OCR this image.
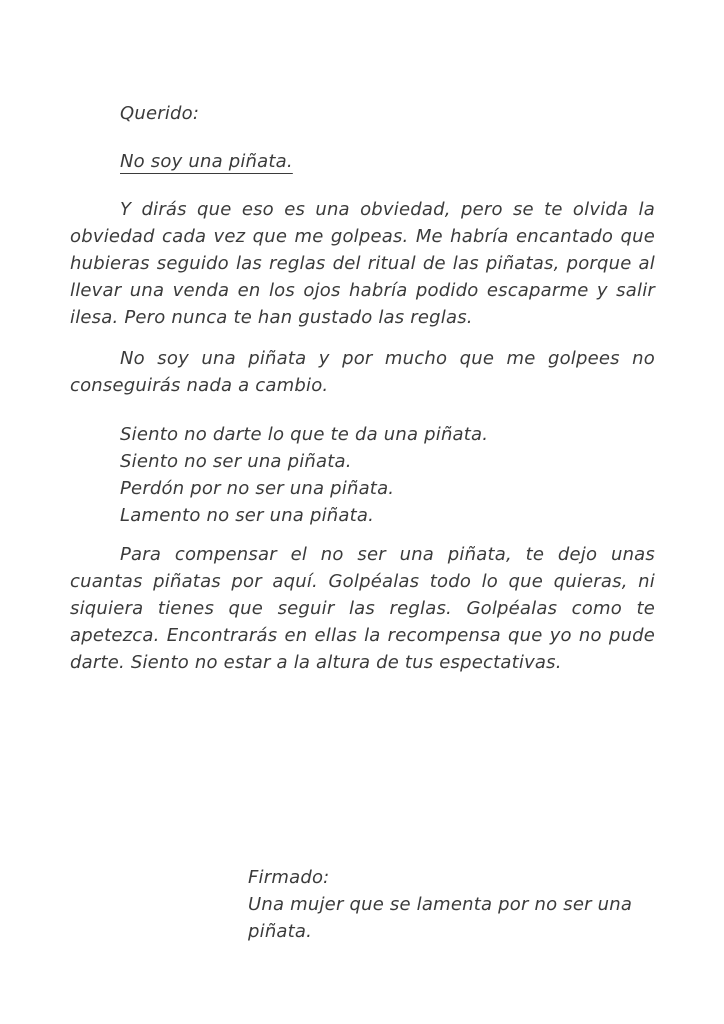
Querido:

No soy una piñata.

Y dirás que eso es una obviedad, pero se te olvida la obviedad cada vez que me golpeas. Me habría encantado que hubieras seguido las reglas del ritual de las piñatas, porque al llevar una venda en los ojos habría podido escaparme y salir ilesa. Pero nunca te han gustado las reglas.

No soy una piñata y por mucho que me golpees no conseguirás nada a cambio.

Siento no darte lo que te da una piñata.

Siento no ser una piñata.

Perdón por no ser una piñata.

Lamento no ser una piñata.

Para compensar el no ser una piñata, te dejo unas cuantas piñatas por aquí. Golpéalas todo lo que quieras, ni siquiera tienes que seguir las reglas. Golpéalas como te apetezca. Encontrarás en ellas la recompensa que yo no pude darte. Siento no estar a la altura de tus espectativas.

Firmado:

Una mujer que se lamenta por no ser una piñata.
